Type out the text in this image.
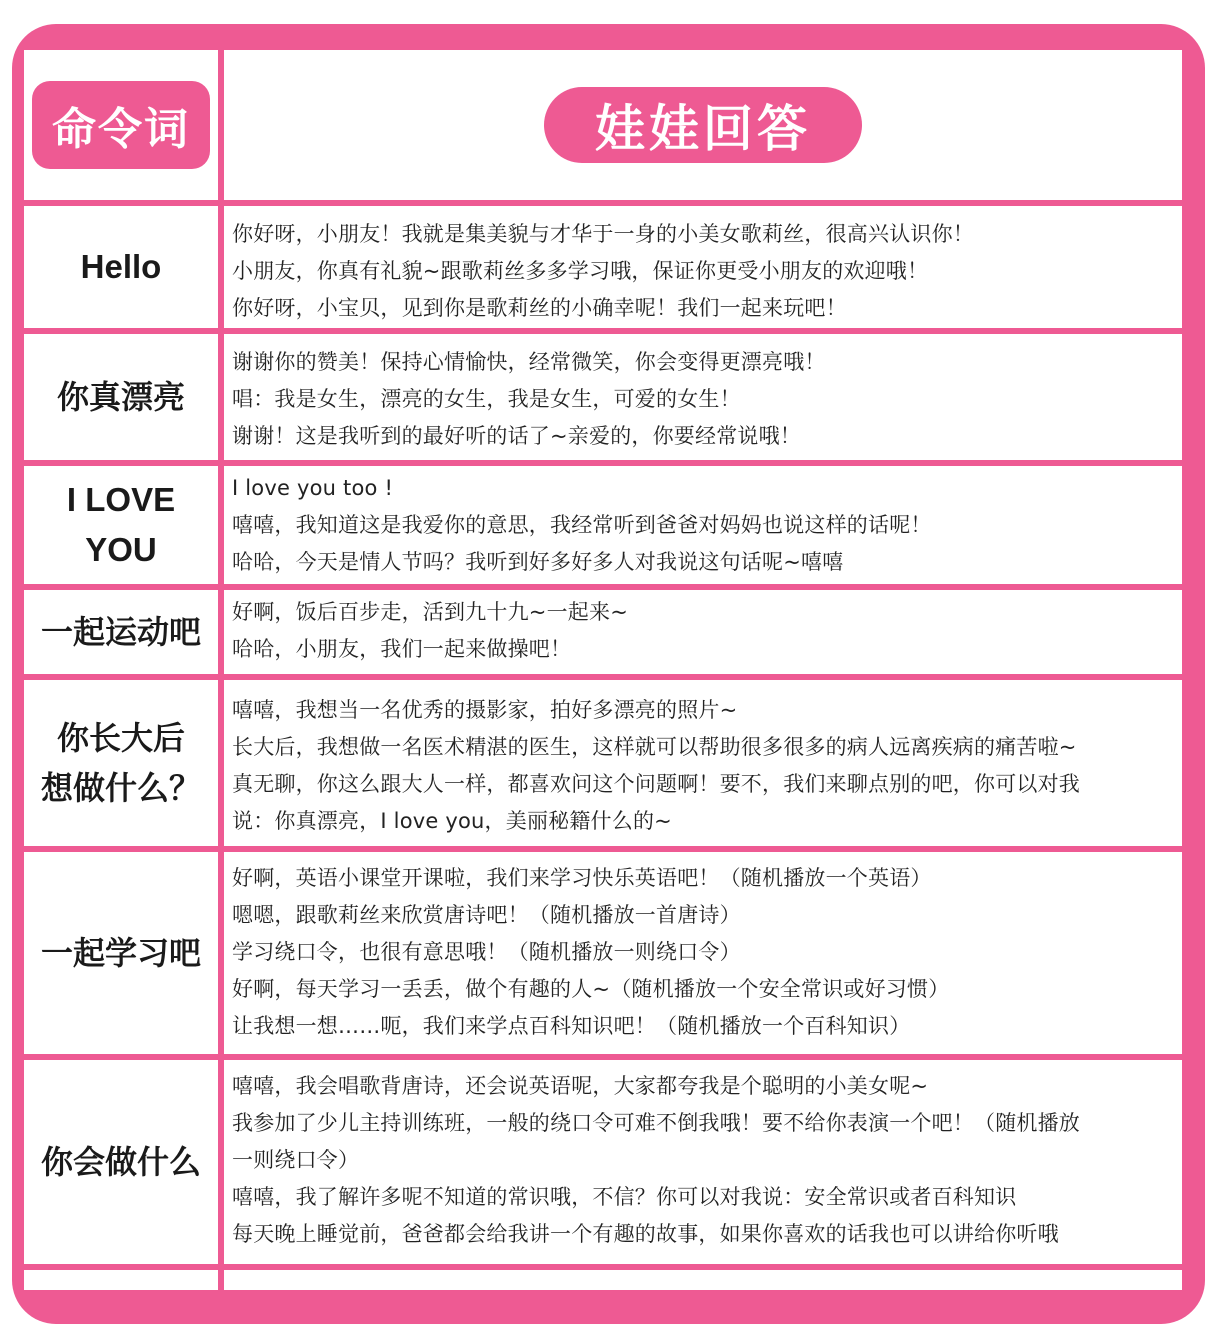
命令词	娃娃回答
Hello
你好呀，小朋友！我就是集美貌与才华于一身的小美女歌莉丝，很高兴认识你！
小朋友，你真有礼貌~跟歌莉丝多多学习哦，保证你更受小朋友的欢迎哦！
你好呀，小宝贝，见到你是歌莉丝的小确幸呢！我们一起来玩吧！
你真漂亮
谢谢你的赞美！保持心情愉快，经常微笑，你会变得更漂亮哦！
唱：我是女生，漂亮的女生，我是女生，可爱的女生！
谢谢！这是我听到的最好听的话了~亲爱的，你要经常说哦！
I LOVE
YOU
I love you too !
嘻嘻，我知道这是我爱你的意思，我经常听到爸爸对妈妈也说这样的话呢！
哈哈，今天是情人节吗？我听到好多好多人对我说这句话呢~嘻嘻
一起运动吧
好啊，饭后百步走，活到九十九~一起来~
哈哈，小朋友，我们一起来做操吧！
你长大后
想做什么？
嘻嘻，我想当一名优秀的摄影家，拍好多漂亮的照片~
长大后，我想做一名医术精湛的医生，这样就可以帮助很多很多的病人远离疾病的痛苦啦~
真无聊，你这么跟大人一样，都喜欢问这个问题啊！要不，我们来聊点别的吧，你可以对我
说：你真漂亮，I love you，美丽秘籍什么的~
一起学习吧
好啊，英语小课堂开课啦，我们来学习快乐英语吧！（随机播放一个英语）
嗯嗯，跟歌莉丝来欣赏唐诗吧！（随机播放一首唐诗）
学习绕口令，也很有意思哦！（随机播放一则绕口令）
好啊，每天学习一丢丢，做个有趣的人~（随机播放一个安全常识或好习惯）
让我想一想……呃，我们来学点百科知识吧！（随机播放一个百科知识）
你会做什么
嘻嘻，我会唱歌背唐诗，还会说英语呢，大家都夸我是个聪明的小美女呢~
我参加了少儿主持训练班，一般的绕口令可难不倒我哦！要不给你表演一个吧！（随机播放
一则绕口令）
嘻嘻，我了解许多呢不知道的常识哦，不信？你可以对我说：安全常识或者百科知识
每天晚上睡觉前，爸爸都会给我讲一个有趣的故事，如果你喜欢的话我也可以讲给你听哦
